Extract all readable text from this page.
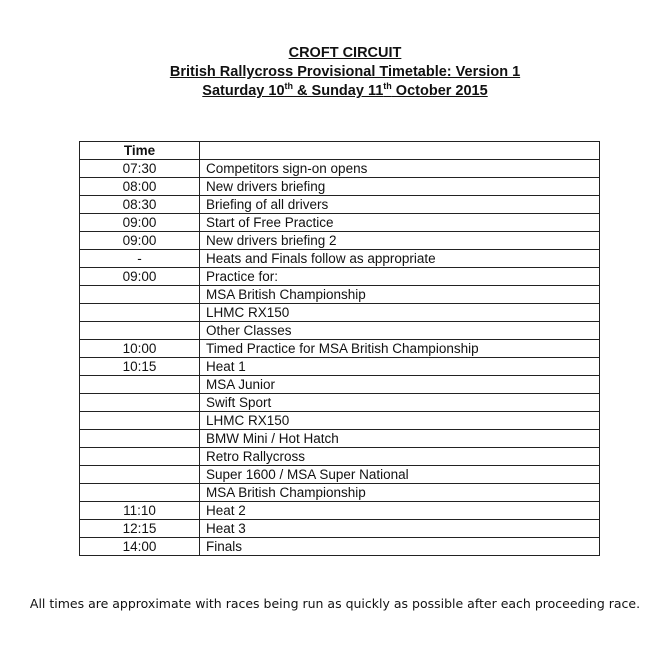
CROFT CIRCUIT
British Rallycross Provisional Timetable: Version 1
Saturday 10th & Sunday 11th October 2015
Time	
07:30	Competitors sign-on opens
08:00	New drivers briefing
08:30	Briefing of all drivers
09:00	Start of Free Practice
09:00	New drivers briefing 2
-	Heats and Finals follow as appropriate
09:00	Practice for:
	MSA British Championship
	LHMC RX150
	Other Classes
10:00	Timed Practice for MSA British Championship
10:15	Heat 1
	MSA Junior
	Swift Sport
	LHMC RX150
	BMW Mini / Hot Hatch
	Retro Rallycross
	Super 1600 / MSA Super National
	MSA British Championship
11:10	Heat 2
12:15	Heat 3
14:00	Finals
All times are approximate with races being run as quickly as possible after each proceeding race.
